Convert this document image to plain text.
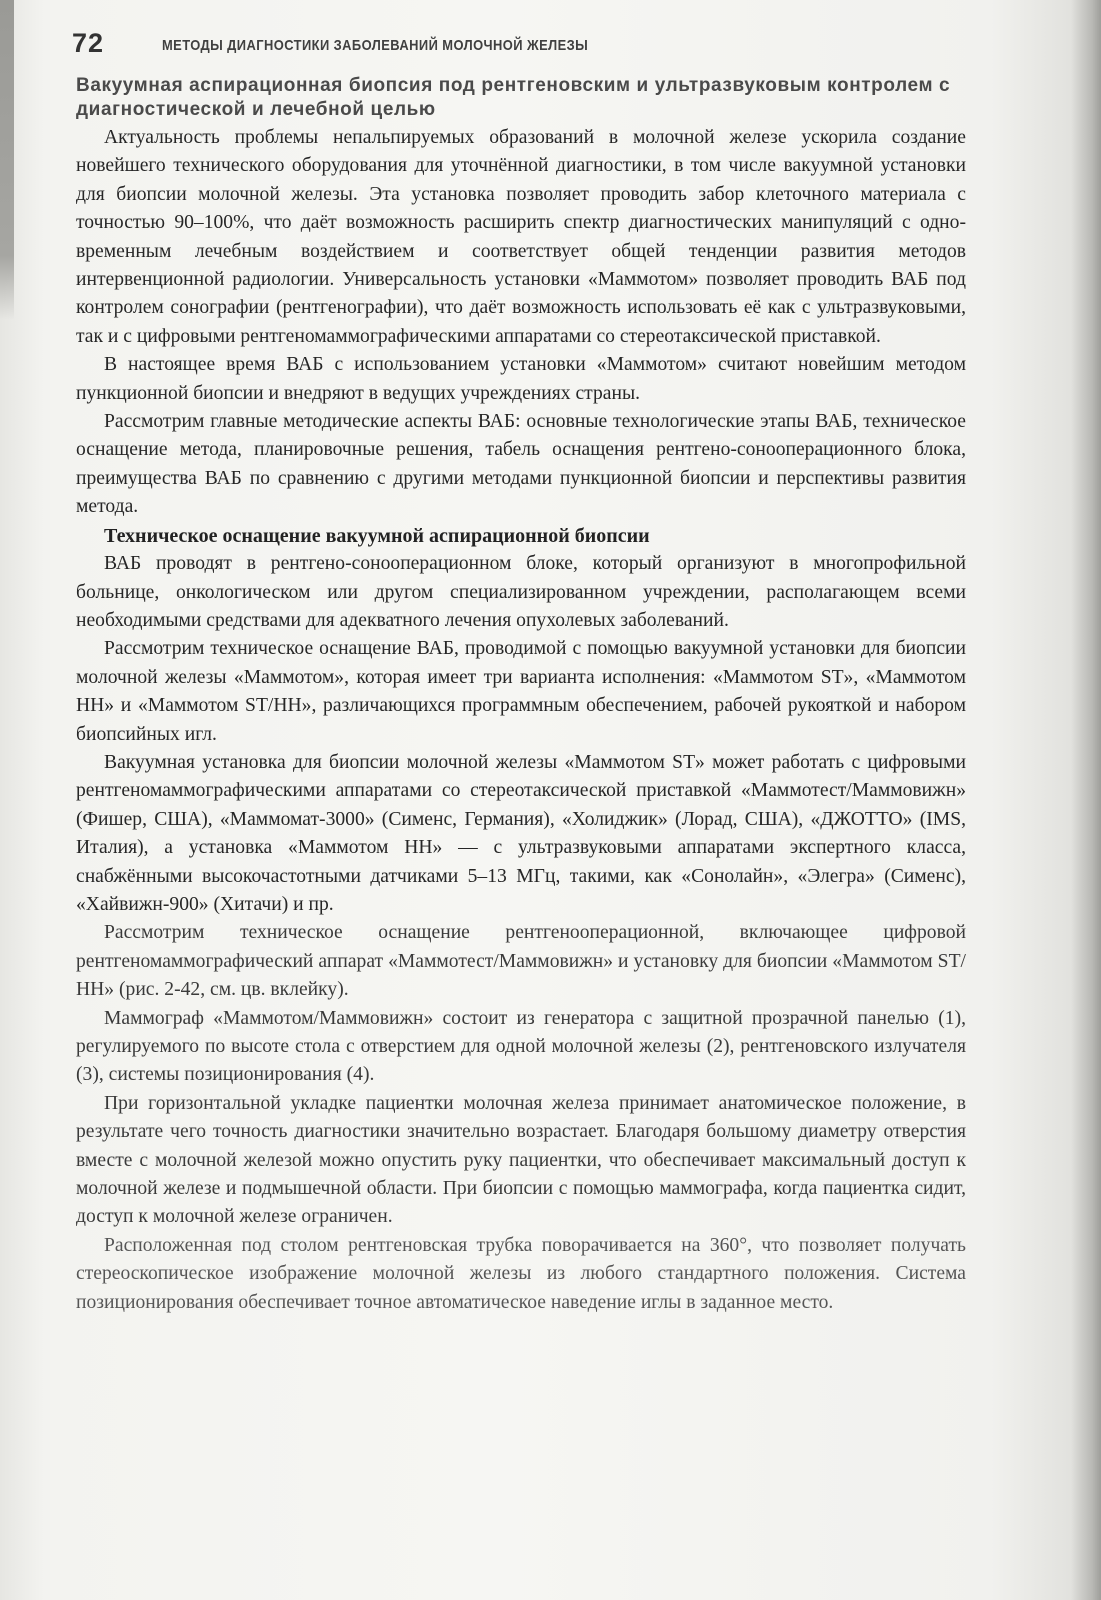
72	МЕТОДЫ ДИАГНОСТИКИ ЗАБОЛЕВАНИЙ МОЛОЧНОЙ ЖЕЛЕЗЫ
Вакуумная аспирационная биопсия под рентгеновским и ультразвуковым контролем с диагностической и лечебной целью

Актуальность проблемы непальпируемых образований в молочной железе ускорила создание новейшего технического оборудования для уточнённой диагностики, в том числе вакуумной установки для биопсии молочной железы. Эта установка позволяет проводить забор клеточного материала с точностью 90–100%, что даёт возможность расширить спектр диагностических манипуляций с одновременным лечебным воздействием и соответствует общей тенденции развития методов интервенционной радиологии. Универсальность установки «Маммотом» позволяет проводить ВАБ под контролем сонографии (рентгенографии), что даёт возможность использовать её как с ультразвуковыми, так и с цифровыми рентгеномаммографическими аппаратами со стереотаксической приставкой.

В настоящее время ВАБ с использованием установки «Маммотом» считают новейшим методом пункционной биопсии и внедряют в ведущих учреждениях страны.

Рассмотрим главные методические аспекты ВАБ: основные технологические этапы ВАБ, техническое оснащение метода, планировочные решения, табель оснащения рентгено-сонооперационного блока, преимущества ВАБ по сравнению с другими методами пункционной биопсии и перспективы развития метода.

Техническое оснащение вакуумной аспирационной биопсии

ВАБ проводят в рентгено-сонооперационном блоке, который организуют в многопрофильной больнице, онкологическом или другом специализированном учреждении, располагающем всеми необходимыми средствами для адекватного лечения опухолевых заболеваний.

Рассмотрим техническое оснащение ВАБ, проводимой с помощью вакуумной установки для биопсии молочной железы «Маммотом», которая имеет три варианта исполнения: «Маммотом ST», «Маммотом НН» и «Маммотом ST/НН», различающихся программным обеспечением, рабочей рукояткой и набором биопсийных игл.

Вакуумная установка для биопсии молочной железы «Маммотом ST» может работать с цифровыми рентгеномаммографическими аппаратами со стереотаксической приставкой «Маммотест/Маммовижн» (Фишер, США), «Маммомат-3000» (Сименс, Германия), «Холиджик» (Лорад, США), «ДЖОТТО» (IMS, Италия), а установка «Маммотом НН» — с ультразвуковыми аппаратами экспертного класса, снабжёнными высокочастотными датчиками 5–13 МГц, такими, как «Сонолайн», «Элегра» (Сименс), «Хайвижн-900» (Хитачи) и пр.

Рассмотрим техническое оснащение рентгенооперационной, включающее цифровой рентгеномаммографический аппарат «Маммотест/Маммовижн» и установку для биопсии «Маммотом ST/НН» (рис. 2-42, см. цв. вклейку).

Маммограф «Маммотом/Маммовижн» состоит из генератора с защитной прозрачной панелью (1), регулируемого по высоте стола с отверстием для одной молочной железы (2), рентгеновского излучателя (3), системы позиционирования (4).

При горизонтальной укладке пациентки молочная железа принимает анатомическое положение, в результате чего точность диагностики значительно возрастает. Благодаря большому диаметру отверстия вместе с молочной железой можно опустить руку пациентки, что обеспечивает максимальный доступ к молочной железе и подмышечной области. При биопсии с помощью маммографа, когда пациентка сидит, доступ к молочной железе ограничен.

Расположенная под столом рентгеновская трубка поворачивается на 360°, что позволяет получать стереоскопическое изображение молочной железы из любого стандартного положения. Система позиционирования обеспечивает точное автоматическое наведение иглы в заданное место.
